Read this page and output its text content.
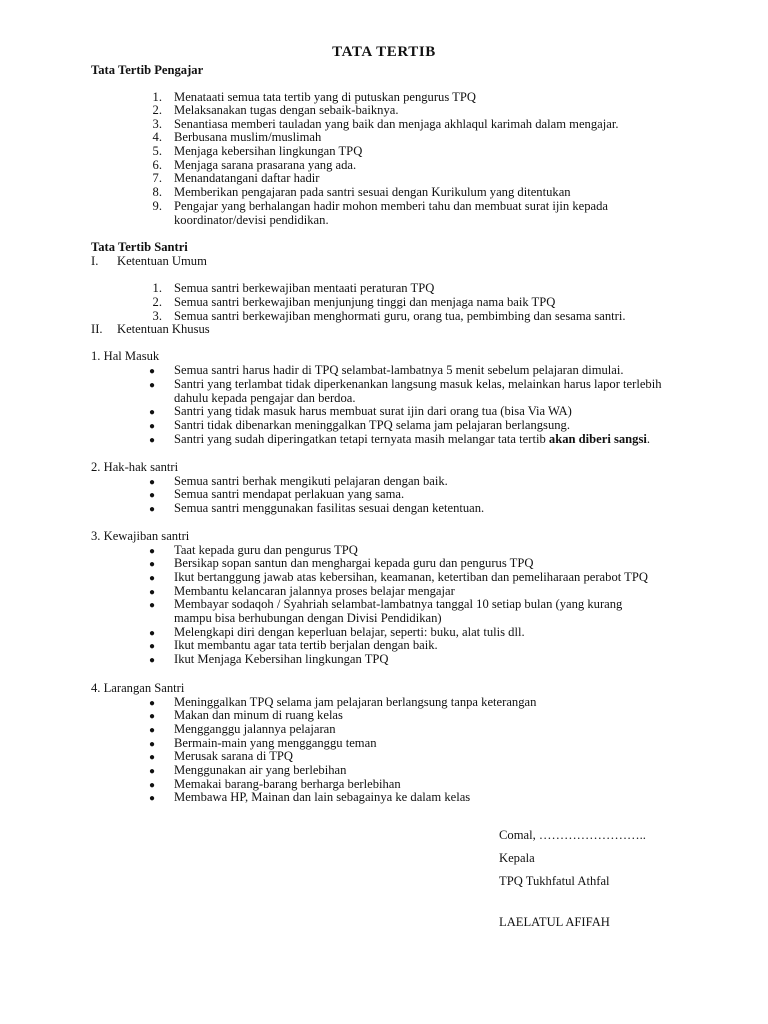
TATA TERTIB
Tata Tertib Pengajar
1. Menataati semua tata tertib yang di putuskan pengurus TPQ
2. Melaksanakan tugas dengan sebaik-baiknya.
3. Senantiasa memberi tauladan yang baik dan menjaga akhlaqul karimah dalam mengajar.
4. Berbusana muslim/muslimah
5. Menjaga kebersihan lingkungan TPQ
6. Menjaga sarana prasarana yang ada.
7. Menandatangani daftar hadir
8. Memberikan pengajaran pada santri sesuai dengan Kurikulum yang ditentukan
9. Pengajar yang berhalangan hadir mohon memberi tahu dan membuat surat ijin kepada
koordinator/devisi pendidikan.
Tata Tertib Santri
I. Ketentuan Umum
1. Semua santri berkewajiban mentaati peraturan TPQ
2. Semua santri berkewajiban menjunjung tinggi dan menjaga nama baik TPQ
3. Semua santri berkewajiban menghormati guru, orang tua, pembimbing dan sesama santri.
II. Ketentuan Khusus
1. Hal Masuk
● Semua santri harus hadir di TPQ selambat-lambatnya 5 menit sebelum pelajaran dimulai.
● Santri yang terlambat tidak diperkenankan langsung masuk kelas, melainkan harus lapor terlebih
dahulu kepada pengajar dan berdoa.
● Santri yang tidak masuk harus membuat surat ijin dari orang tua (bisa Via WA)
● Santri tidak dibenarkan meninggalkan TPQ selama jam pelajaran berlangsung.
● Santri yang sudah diperingatkan tetapi ternyata masih melangar tata tertib akan diberi sangsi.
2. Hak-hak santri
● Semua santri berhak mengikuti pelajaran dengan baik.
● Semua santri mendapat perlakuan yang sama.
● Semua santri menggunakan fasilitas sesuai dengan ketentuan.
3. Kewajiban santri
● Taat kepada guru dan pengurus TPQ
● Bersikap sopan santun dan menghargai kepada guru dan pengurus TPQ
● Ikut bertanggung jawab atas kebersihan, keamanan, ketertiban dan pemeliharaan perabot TPQ
● Membantu kelancaran jalannya proses belajar mengajar
● Membayar sodaqoh / Syahriah selambat-lambatnya tanggal 10 setiap bulan (yang kurang
mampu bisa berhubungan dengan Divisi Pendidikan)
● Melengkapi diri dengan keperluan belajar, seperti: buku, alat tulis dll.
● Ikut membantu agar tata tertib berjalan dengan baik.
● Ikut Menjaga Kebersihan lingkungan TPQ
4. Larangan Santri
● Meninggalkan TPQ selama jam pelajaran berlangsung tanpa keterangan
● Makan dan minum di ruang kelas
● Mengganggu jalannya pelajaran
● Bermain-main yang mengganggu teman
● Merusak sarana di TPQ
● Menggunakan air yang berlebihan
● Memakai barang-barang berharga berlebihan
● Membawa HP, Mainan dan lain sebagainya ke dalam kelas
Comal, ……………………..
Kepala
TPQ Tukhfatul Athfal
LAELATUL AFIFAH
